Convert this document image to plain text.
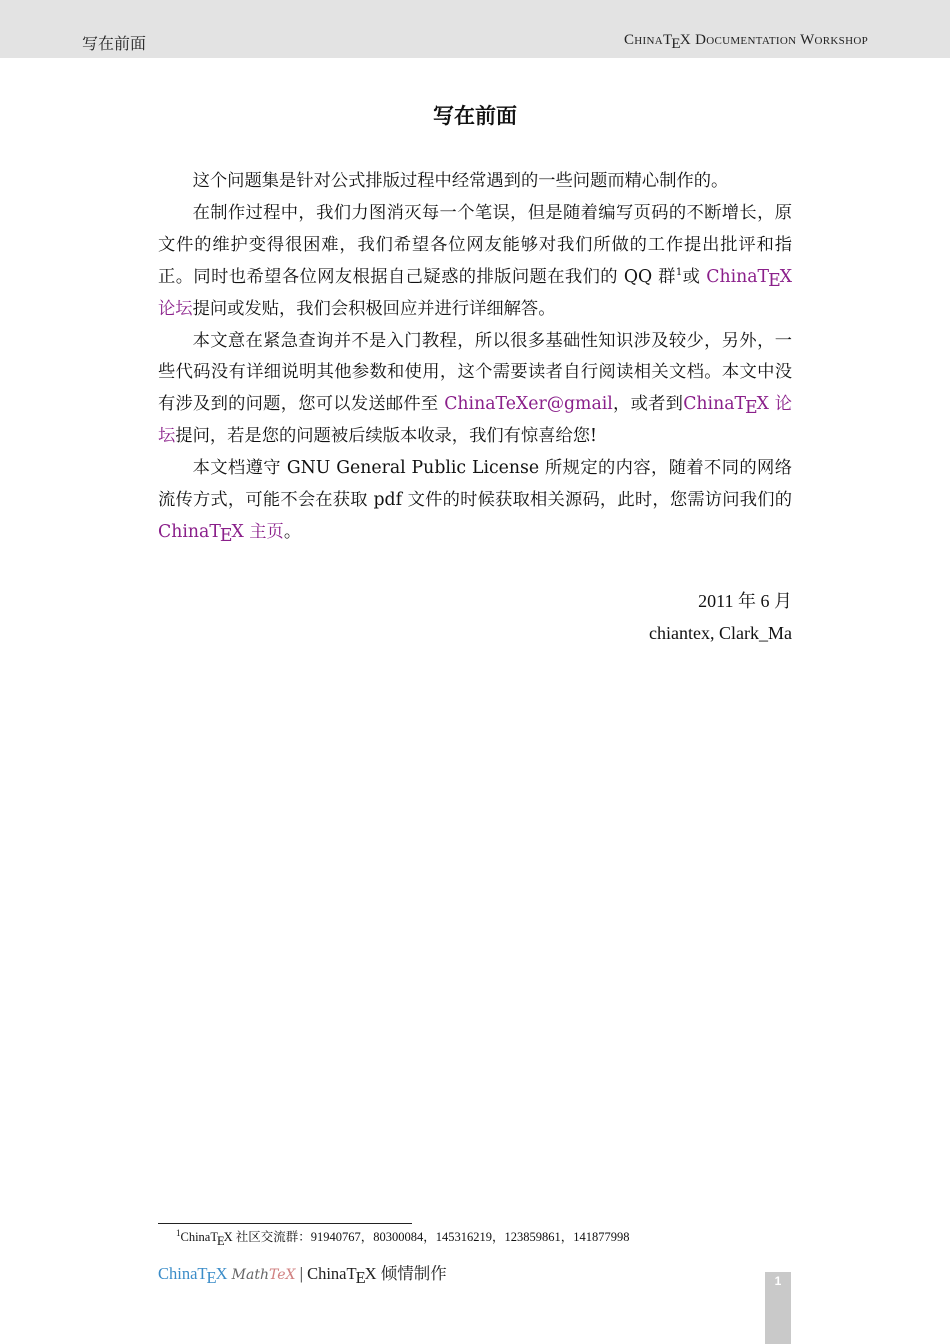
写在前面	ChinaTEX Documentation Workshop
写在前面

这个问题集是针对公式排版过程中经常遇到的一些问题而精心制作的。

在制作过程中，我们力图消灭每一个笔误，但是随着编写页码的不断增长，原文件的维护变得很困难，我们希望各位网友能够对我们所做的工作提出批评和指正。同时也希望各位网友根据自己疑惑的排版问题在我们的 QQ 群$^1$或 ChinaTEX 论坛提问或发贴，我们会积极回应并进行详细解答。

本文意在紧急查询并不是入门教程，所以很多基础性知识涉及较少，另外，一些代码没有详细说明其他参数和使用，这个需要读者自行阅读相关文档。本文中没有涉及到的问题，您可以发送邮件至 ChinaTeXer@gmail，或者到ChinaTEX 论坛提问，若是您的问题被后续版本收录，我们有惊喜给您!

本文档遵守 GNU General Public License 所规定的内容，随着不同的网络流传方式，可能不会在获取 pdf 文件的时候获取相关源码，此时，您需访问我们的ChinaTEX 主页。

2011 年 6 月
chiantex, Clark_Ma
$^1$ChinaTEX 社区交流群：91940767，80300084，145316219，123859861，141877998
ChinaTEX MathTeX | ChinaTEX 倾情制作	1
